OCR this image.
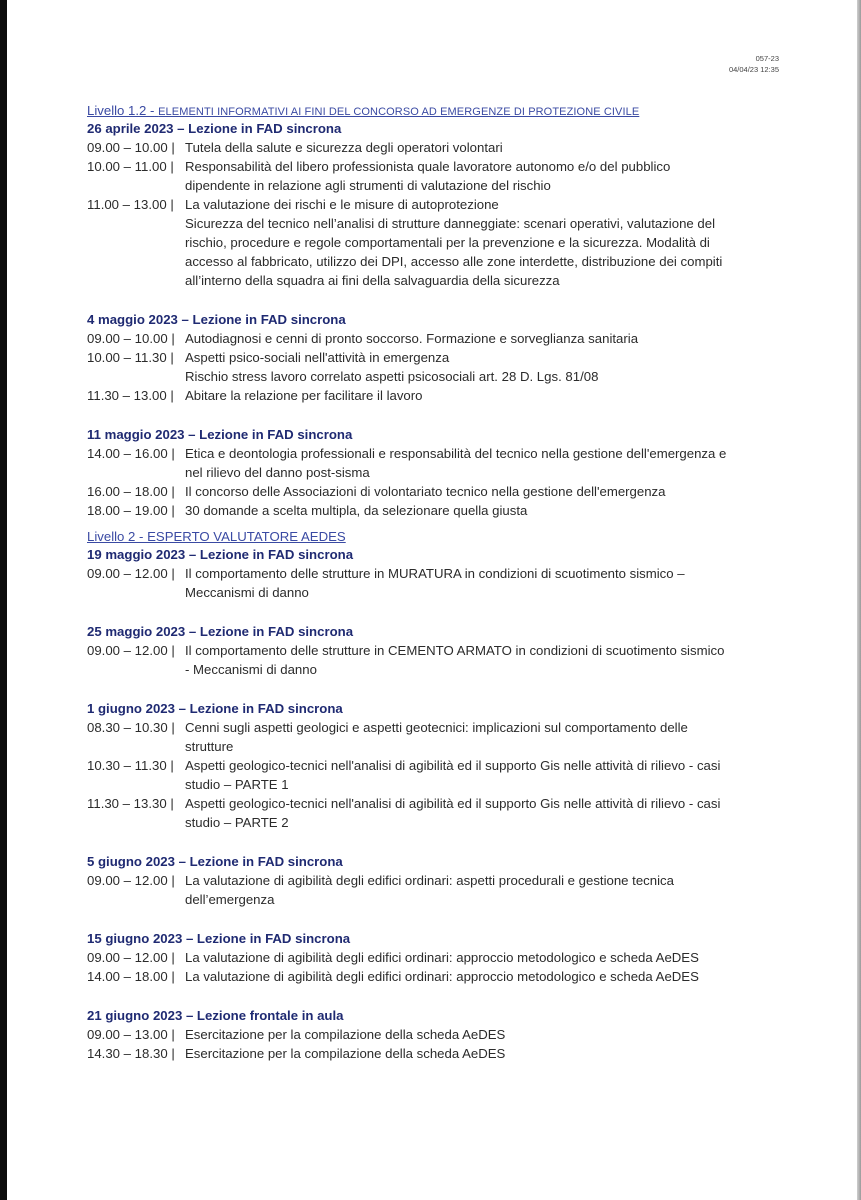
057-23
04/04/23 12:35
Livello 1.2 - ELEMENTI INFORMATIVI AI FINI DEL CONCORSO AD EMERGENZE DI PROTEZIONE CIVILE
26 aprile 2023 – Lezione in FAD sincrona
09.00 – 10.00 | Tutela della salute e sicurezza degli operatori volontari
10.00 – 11.00 | Responsabilità del libero professionista quale lavoratore autonomo e/o del pubblico
dipendente in relazione agli strumenti di valutazione del rischio
11.00 – 13.00 | La valutazione dei rischi e le misure di autoprotezione
Sicurezza del tecnico nell’analisi di strutture danneggiate: scenari operativi, valutazione del
rischio, procedure e regole comportamentali per la prevenzione e la sicurezza. Modalità di
accesso al fabbricato, utilizzo dei DPI, accesso alle zone interdette, distribuzione dei compiti
all’interno della squadra ai fini della salvaguardia della sicurezza
4 maggio 2023 – Lezione in FAD sincrona
09.00 – 10.00 | Autodiagnosi e cenni di pronto soccorso. Formazione e sorveglianza sanitaria
10.00 – 11.30 | Aspetti psico-sociali nell'attività in emergenza
Rischio stress lavoro correlato aspetti psicosociali art. 28 D. Lgs. 81/08
11.30 – 13.00 | Abitare la relazione per facilitare il lavoro
11 maggio 2023 – Lezione in FAD sincrona
14.00 – 16.00 | Etica e deontologia professionali e responsabilità del tecnico nella gestione dell'emergenza e
nel rilievo del danno post-sisma
16.00 – 18.00 | Il concorso delle Associazioni di volontariato tecnico nella gestione dell'emergenza
18.00 – 19.00 | 30 domande a scelta multipla, da selezionare quella giusta
Livello 2 - ESPERTO VALUTATORE AEDES
19 maggio 2023 – Lezione in FAD sincrona
09.00 – 12.00 | Il comportamento delle strutture in MURATURA in condizioni di scuotimento sismico –
Meccanismi di danno
25 maggio 2023 – Lezione in FAD sincrona
09.00 – 12.00 | Il comportamento delle strutture in CEMENTO ARMATO in condizioni di scuotimento sismico
- Meccanismi di danno
1 giugno 2023 – Lezione in FAD sincrona
08.30 – 10.30 | Cenni sugli aspetti geologici e aspetti geotecnici: implicazioni sul comportamento delle
strutture
10.30 – 11.30 | Aspetti geologico-tecnici nell'analisi di agibilità ed il supporto Gis nelle attività di rilievo - casi
studio – PARTE 1
11.30 – 13.30 | Aspetti geologico-tecnici nell'analisi di agibilità ed il supporto Gis nelle attività di rilievo - casi
studio – PARTE 2
5 giugno 2023 – Lezione in FAD sincrona
09.00 – 12.00 | La valutazione di agibilità degli edifici ordinari: aspetti procedurali e gestione tecnica
dell’emergenza
15 giugno 2023 – Lezione in FAD sincrona
09.00 – 12.00 | La valutazione di agibilità degli edifici ordinari: approccio metodologico e scheda AeDES
14.00 – 18.00 | La valutazione di agibilità degli edifici ordinari: approccio metodologico e scheda AeDES
21 giugno 2023 – Lezione frontale in aula
09.00 – 13.00 | Esercitazione per la compilazione della scheda AeDES
14.30 – 18.30 | Esercitazione per la compilazione della scheda AeDES
